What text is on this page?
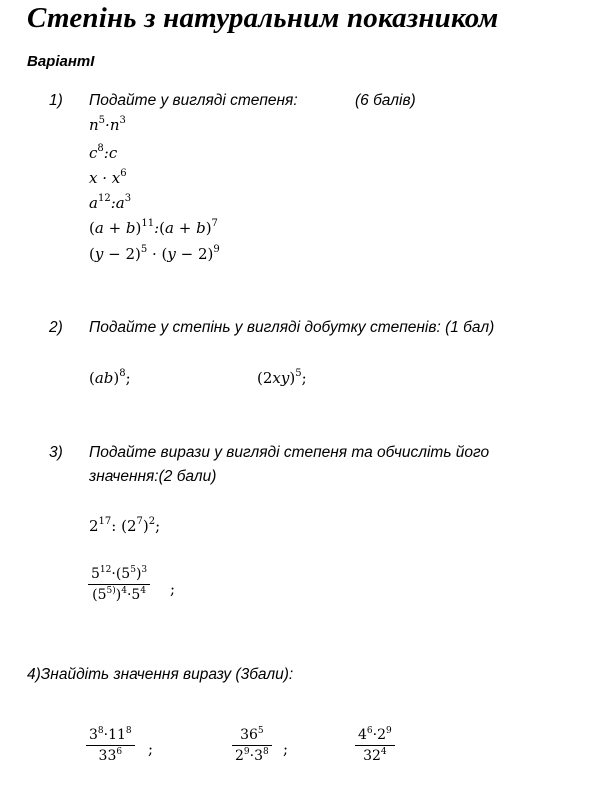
Степінь з натуральним показником
ВаріантІ
1) Подайте у вигляді степеня:	(6 балів)
$n^5\cdot n^3$
$c^8:c$
$x \cdot x^6$
$a^{12}:a^3$
$(a + b)^{11}:(a + b)^7$
$(y - 2)^5 \cdot (y - 2)^9$
2) Подайте у степінь у вигляді добутку степенів: (1 бал)
(ab)$^8$;	$(2xy)^5$;
3) Подайте вирази у вигляді степеня та обчисліть його
значення:(2 бали)
$2^{17}$: $(2^7)^2$;
$\frac{5^{12}\cdot(5^5)^3}{(5^{5)})^4\cdot 5^4}$ ;
4)Знайдіть значення виразу (3бали):
$\frac{3^8\cdot 11^8}{33^6}$ ;	$\frac{36^5}{2^9\cdot 3^8}$ ;	$\frac{4^6\cdot 2^9}{32^4}$
